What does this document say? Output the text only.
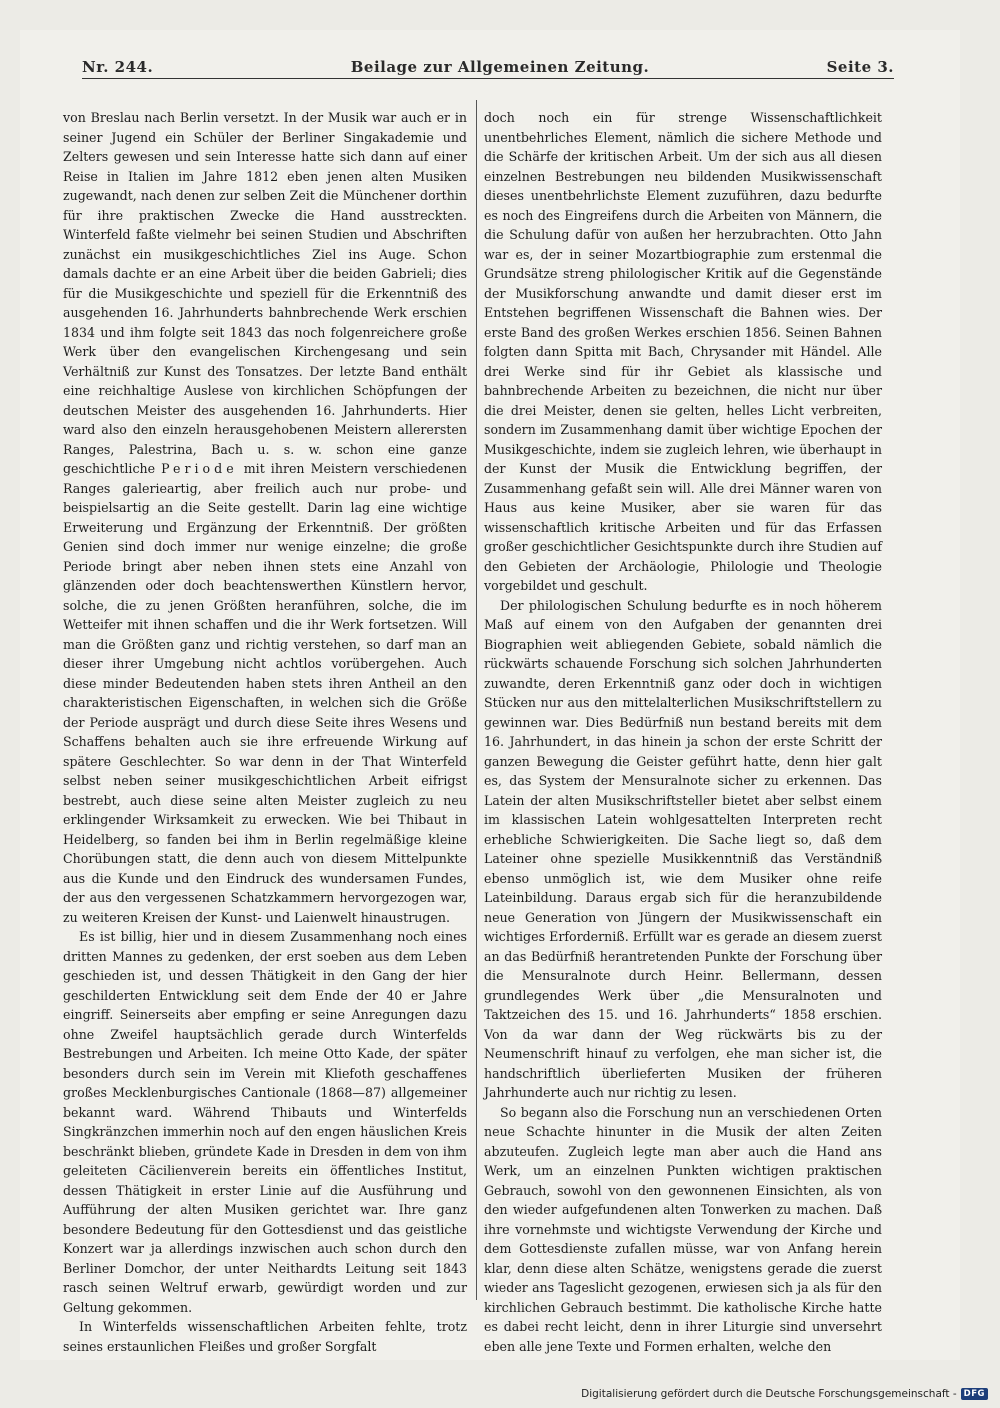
Nr. 244.	Beilage zur Allgemeinen Zeitung.	Seite 3.

von Breslau nach Berlin versetzt. In der Musik war auch er in seiner Jugend ein Schüler der Berliner Singakademie und Zelters gewesen und sein Interesse hatte sich dann auf einer Reise in Italien im Jahre 1812 eben jenen alten Musiken zugewandt, nach denen zur selben Zeit die Münchener dorthin für ihre praktischen Zwecke die Hand ausstreckten. Winterfeld faßte vielmehr bei seinen Studien und Abschriften zunächst ein musikgeschichtliches Ziel ins Auge. Schon damals dachte er an eine Arbeit über die beiden Gabrieli; dies für die Musikgeschichte und speziell für die Erkenntniß des ausgehenden 16. Jahrhunderts bahnbrechende Werk erschien 1834 und ihm folgte seit 1843 das noch folgenreichere große Werk über den evangelischen Kirchengesang und sein Verhältniß zur Kunst des Tonsatzes. Der letzte Band enthält eine reichhaltige Auslese von kirchlichen Schöpfungen der deutschen Meister des ausgehenden 16. Jahrhunderts. Hier ward also den einzeln herausgehobenen Meistern allerersten Ranges, Palestrina, Bach u. s. w. schon eine ganze geschichtliche Periode mit ihren Meistern verschiedenen Ranges galerieartig, aber freilich auch nur probe- und beispielsartig an die Seite gestellt. Darin lag eine wichtige Erweiterung und Ergänzung der Erkenntniß. Der größten Genien sind doch immer nur wenige einzelne; die große Periode bringt aber neben ihnen stets eine Anzahl von glänzenden oder doch beachtenswerthen Künstlern hervor, solche, die zu jenen Größten heranführen, solche, die im Wetteifer mit ihnen schaffen und die ihr Werk fortsetzen. Will man die Größten ganz und richtig verstehen, so darf man an dieser ihrer Umgebung nicht achtlos vorübergehen. Auch diese minder Bedeutenden haben stets ihren Antheil an den charakteristischen Eigenschaften, in welchen sich die Größe der Periode ausprägt und durch diese Seite ihres Wesens und Schaffens behalten auch sie ihre erfreuende Wirkung auf spätere Geschlechter. So war denn in der That Winterfeld selbst neben seiner musikgeschichtlichen Arbeit eifrigst bestrebt, auch diese seine alten Meister zugleich zu neu erklingender Wirksamkeit zu erwecken. Wie bei Thibaut in Heidelberg, so fanden bei ihm in Berlin regelmäßige kleine Chorübungen statt, die denn auch von diesem Mittelpunkte aus die Kunde und den Eindruck des wundersamen Fundes, der aus den vergessenen Schatzkammern hervorgezogen war, zu weiteren Kreisen der Kunst- und Laienwelt hinaustrugen.

Es ist billig, hier und in diesem Zusammenhang noch eines dritten Mannes zu gedenken, der erst soeben aus dem Leben geschieden ist, und dessen Thätigkeit in den Gang der hier geschilderten Entwicklung seit dem Ende der 40 er Jahre eingriff. Seinerseits aber empfing er seine Anregungen dazu ohne Zweifel hauptsächlich gerade durch Winterfelds Bestrebungen und Arbeiten. Ich meine Otto Kade, der später besonders durch sein im Verein mit Kliefoth geschaffenes großes Mecklenburgisches Cantionale (1868—87) allgemeiner bekannt ward. Während Thibauts und Winterfelds Singkränzchen immerhin noch auf den engen häuslichen Kreis beschränkt blieben, gründete Kade in Dresden in dem von ihm geleiteten Cäcilienverein bereits ein öffentliches Institut, dessen Thätigkeit in erster Linie auf die Ausführung und Aufführung der alten Musiken gerichtet war. Ihre ganz besondere Bedeutung für den Gottesdienst und das geistliche Konzert war ja allerdings inzwischen auch schon durch den Berliner Domchor, der unter Neithardts Leitung seit 1843 rasch seinen Weltruf erwarb, gewürdigt worden und zur Geltung gekommen.

In Winterfelds wissenschaftlichen Arbeiten fehlte, trotz seines erstaunlichen Fleißes und großer Sorgfalt

doch noch ein für strenge Wissenschaftlichkeit unentbehrliches Element, nämlich die sichere Methode und die Schärfe der kritischen Arbeit. Um der sich aus all diesen einzelnen Bestrebungen neu bildenden Musikwissenschaft dieses unentbehrlichste Element zuzuführen, dazu bedurfte es noch des Eingreifens durch die Arbeiten von Männern, die die Schulung dafür von außen her herzubrachten. Otto Jahn war es, der in seiner Mozartbiographie zum erstenmal die Grundsätze streng philologischer Kritik auf die Gegenstände der Musikforschung anwandte und damit dieser erst im Entstehen begriffenen Wissenschaft die Bahnen wies. Der erste Band des großen Werkes erschien 1856. Seinen Bahnen folgten dann Spitta mit Bach, Chrysander mit Händel. Alle drei Werke sind für ihr Gebiet als klassische und bahnbrechende Arbeiten zu bezeichnen, die nicht nur über die drei Meister, denen sie gelten, helles Licht verbreiten, sondern im Zusammenhang damit über wichtige Epochen der Musikgeschichte, indem sie zugleich lehren, wie überhaupt in der Kunst der Musik die Entwicklung begriffen, der Zusammenhang gefaßt sein will. Alle drei Männer waren von Haus aus keine Musiker, aber sie waren für das wissenschaftlich kritische Arbeiten und für das Erfassen großer geschichtlicher Gesichtspunkte durch ihre Studien auf den Gebieten der Archäologie, Philologie und Theologie vorgebildet und geschult.

Der philologischen Schulung bedurfte es in noch höherem Maß auf einem von den Aufgaben der genannten drei Biographien weit abliegenden Gebiete, sobald nämlich die rückwärts schauende Forschung sich solchen Jahrhunderten zuwandte, deren Erkenntniß ganz oder doch in wichtigen Stücken nur aus den mittelalterlichen Musikschriftstellern zu gewinnen war. Dies Bedürfniß nun bestand bereits mit dem 16. Jahrhundert, in das hinein ja schon der erste Schritt der ganzen Bewegung die Geister geführt hatte, denn hier galt es, das System der Mensuralnote sicher zu erkennen. Das Latein der alten Musikschriftsteller bietet aber selbst einem im klassischen Latein wohlgesattelten Interpreten recht erhebliche Schwierigkeiten. Die Sache liegt so, daß dem Lateiner ohne spezielle Musikkenntniß das Verständniß ebenso unmöglich ist, wie dem Musiker ohne reife Lateinbildung. Daraus ergab sich für die heranzubildende neue Generation von Jüngern der Musikwissenschaft ein wichtiges Erforderniß. Erfüllt war es gerade an diesem zuerst an das Bedürfniß herantretenden Punkte der Forschung über die Mensuralnote durch Heinr. Bellermann, dessen grundlegendes Werk über „die Mensuralnoten und Taktzeichen des 15. und 16. Jahrhunderts“ 1858 erschien. Von da war dann der Weg rückwärts bis zu der Neumenschrift hinauf zu verfolgen, ehe man sicher ist, die handschriftlich überlieferten Musiken der früheren Jahrhunderte auch nur richtig zu lesen.

So begann also die Forschung nun an verschiedenen Orten neue Schachte hinunter in die Musik der alten Zeiten abzuteufen. Zugleich legte man aber auch die Hand ans Werk, um an einzelnen Punkten wichtigen praktischen Gebrauch, sowohl von den gewonnenen Einsichten, als von den wieder aufgefundenen alten Tonwerken zu machen. Daß ihre vornehmste und wichtigste Verwendung der Kirche und dem Gottesdienste zufallen müsse, war von Anfang herein klar, denn diese alten Schätze, wenigstens gerade die zuerst wieder ans Tageslicht gezogenen, erwiesen sich ja als für den kirchlichen Gebrauch bestimmt. Die katholische Kirche hatte es dabei recht leicht, denn in ihrer Liturgie sind unversehrt eben alle jene Texte und Formen erhalten, welche den

Digitalisierung gefördert durch die Deutsche Forschungsgemeinschaft - DFG
